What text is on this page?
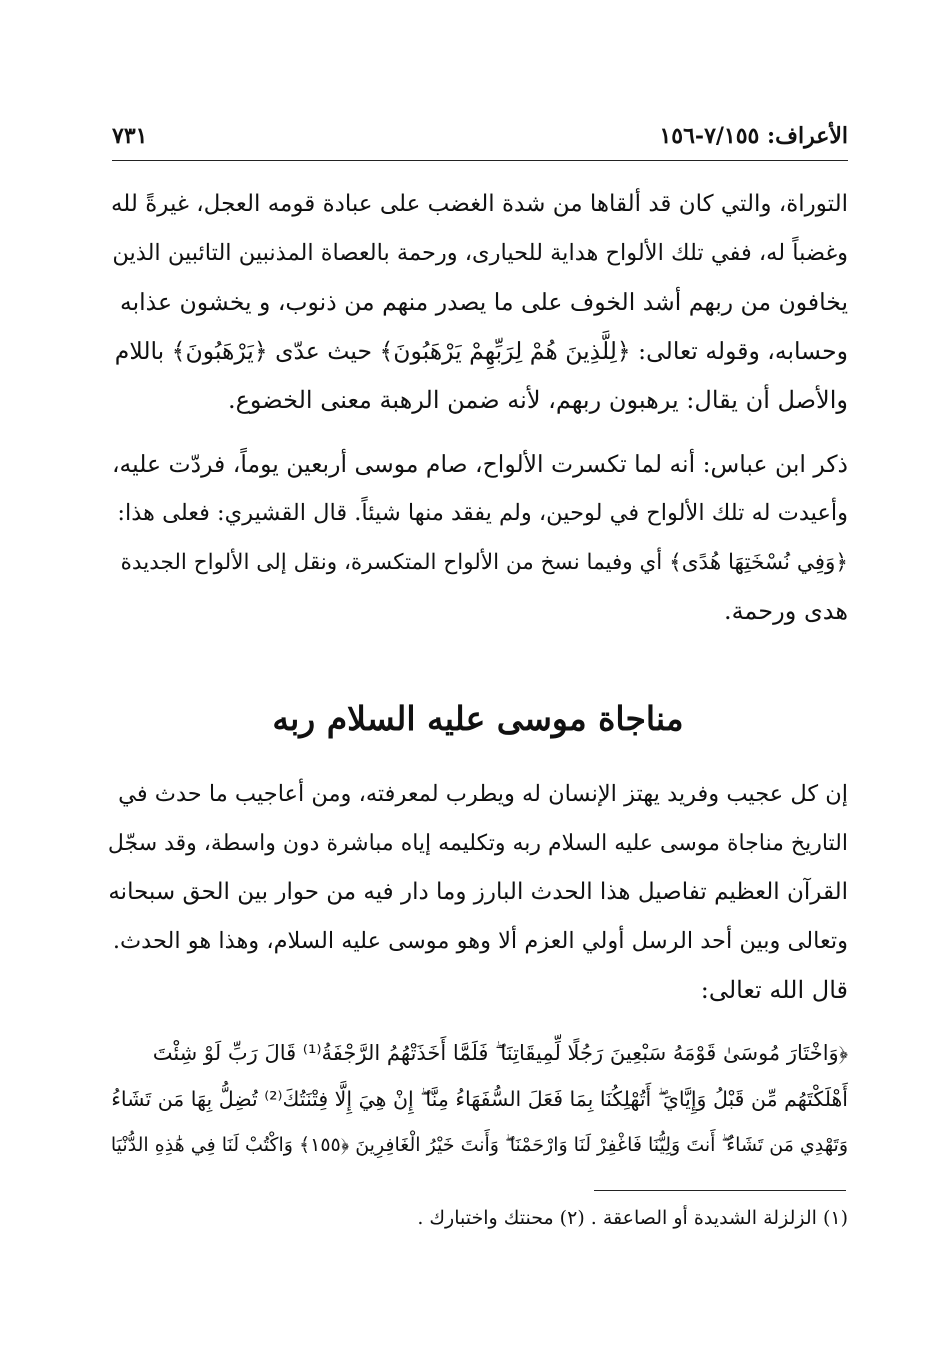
الأعراف: ٧/١٥٥-١٥٦
٧٣١
التوراة، والتي كان قد ألقاها من شدة الغضب على عبادة قومه العجل، غيرةً لله
وغضباً له، ففي تلك الألواح هداية للحيارى، ورحمة بالعصاة المذنبين التائبين الذين
يخافون من ربهم أشد الخوف على ما يصدر منهم من ذنوب، و يخشون عذابه
وحسابه، وقوله تعالى: ﴿لِلَّذِينَ هُمْ لِرَبِّهِمْ يَرْهَبُونَ﴾ حيث عدّى ﴿يَرْهَبُونَ﴾ باللام
والأصل أن يقال: يرهبون ربهم، لأنه ضمن الرهبة معنى الخضوع.
ذكر ابن عباس: أنه لما تكسرت الألواح، صام موسى أربعين يوماً، فردّت عليه،
وأعيدت له تلك الألواح في لوحين، ولم يفقد منها شيئاً. قال القشيري: فعلى هذا:
﴿وَفِي نُسْخَتِهَا هُدًى﴾ أي وفيما نسخ من الألواح المتكسرة، ونقل إلى الألواح الجديدة
هدى ورحمة.
مناجاة موسى عليه السلام ربه
إن كل عجيب وفريد يهتز الإنسان له ويطرب لمعرفته، ومن أعاجيب ما حدث في
التاريخ مناجاة موسى عليه السلام ربه وتكليمه إياه مباشرة دون واسطة، وقد سجّل
القرآن العظيم تفاصيل هذا الحدث البارز وما دار فيه من حوار بين الحق سبحانه
وتعالى وبين أحد الرسل أولي العزم ألا وهو موسى عليه السلام، وهذا هو الحدث.
قال الله تعالى:
﴿وَاخْتَارَ مُوسَىٰ قَوْمَهُ سَبْعِينَ رَجُلًا لِّمِيقَاتِنَا ۖ فَلَمَّا أَخَذَتْهُمُ الرَّجْفَةُ⁽¹⁾ قَالَ رَبِّ لَوْ شِئْتَ
أَهْلَكْتَهُم مِّن قَبْلُ وَإِيَّايَ ۖ أَتُهْلِكُنَا بِمَا فَعَلَ السُّفَهَاءُ مِنَّا ۖ إِنْ هِيَ إِلَّا فِتْنَتُكَ⁽²⁾ تُضِلُّ بِهَا مَن تَشَاءُ
وَتَهْدِي مَن تَشَاءُ ۖ أَنتَ وَلِيُّنَا فَاغْفِرْ لَنَا وَارْحَمْنَا ۖ وَأَنتَ خَيْرُ الْغَافِرِينَ ﴿١٥٥﴾ وَاكْتُبْ لَنَا فِي هَٰذِهِ الدُّنْيَا
(١) الزلزلة الشديدة أو الصاعقة . (٢) محنتك واختبارك .
